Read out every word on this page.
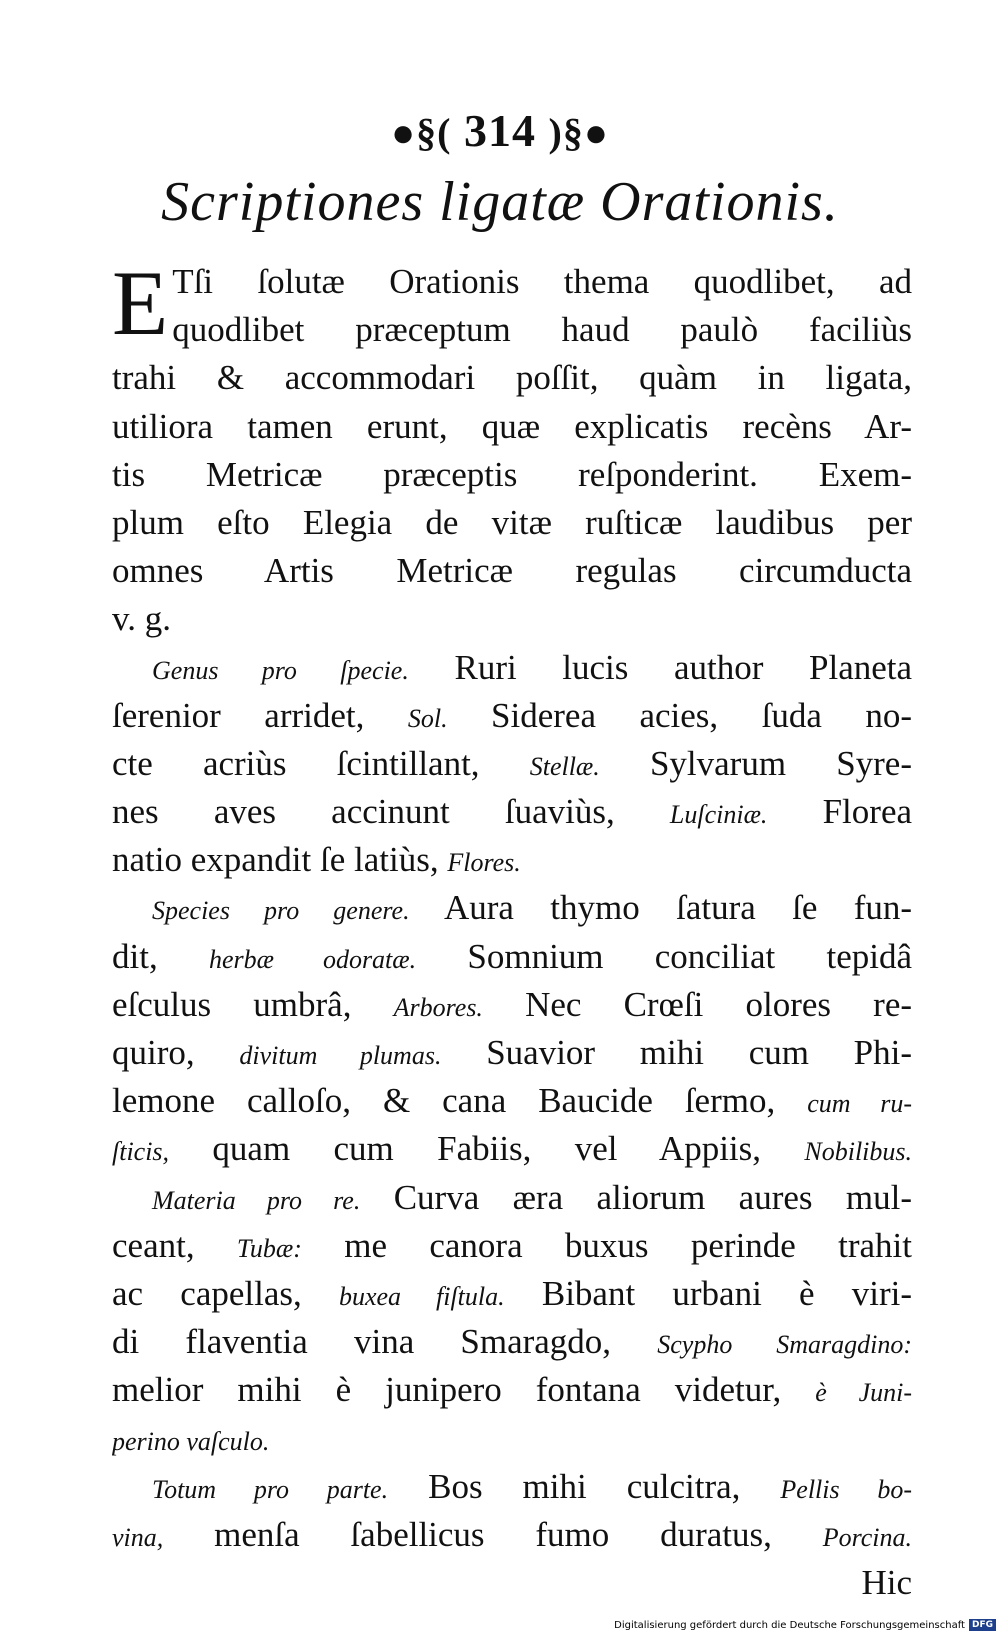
●§( 314 )§●
Scriptiones ligatæ Orationis.
E Tſi ſolutæ Orationis thema quodlibet, ad
quodlibet præceptum haud paulò faciliùs
trahi & accommodari poſſit, quàm in ligata,
utiliora tamen erunt, quæ explicatis recèns Ar-
tis Metricæ præceptis reſponderint. Exem-
plum eſto Elegia de vitæ ruſticæ laudibus per
omnes Artis Metricæ regulas circumducta
v. g.
Genus pro ſpecie. Ruri lucis author Planeta
ſerenior arridet, Sol. Siderea acies, ſuda no-
cte acriùs ſcintillant, Stellæ. Sylvarum Syre-
nes aves accinunt ſuaviùs, Luſciniæ. Florea
natio expandit ſe latiùs, Flores.
Species pro genere. Aura thymo ſatura ſe fun-
dit, herbæ odoratæ. Somnium conciliat tepidâ
eſculus umbrâ, Arbores. Nec Crœſi olores re-
quiro, divitum plumas. Suavior mihi cum Phi-
lemone calloſo, & cana Baucide ſermo, cum ru-
ſticis, quam cum Fabiis, vel Appiis, Nobilibus.
Materia pro re. Curva æra aliorum aures mul-
ceant, Tubæ: me canora buxus perinde trahit
ac capellas, buxea fiſtula. Bibant urbani è viri-
di flaventia vina Smaragdo, Scypho Smaragdino:
melior mihi è junipero fontana videtur, è Juni-
perino vaſculo.
Totum pro parte. Bos mihi culcitra, Pellis bo-
vina, menſa ſabellicus fumo duratus, Porcina.
Hic
Digitalisierung gefördert durch die Deutsche Forschungsgemeinschaft DFG
